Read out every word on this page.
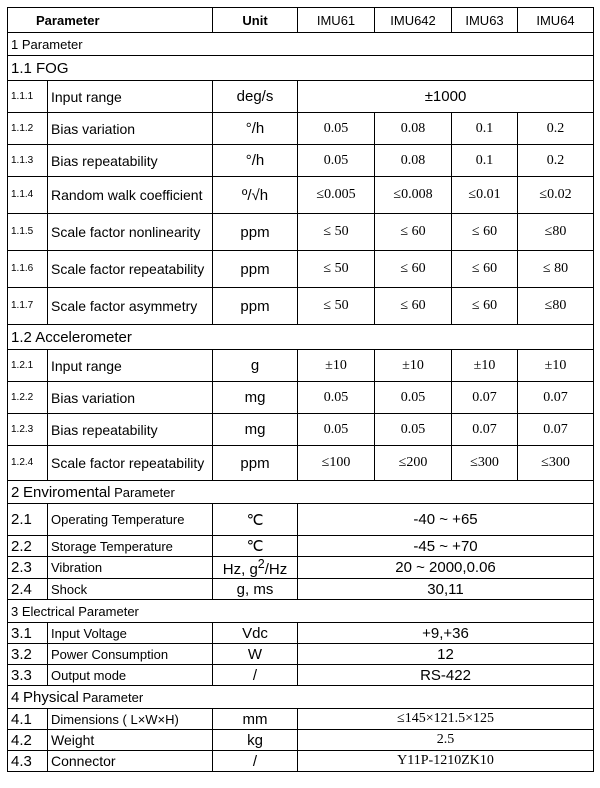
Parameter		Unit	IMU61	IMU642	IMU63	IMU64
1 Parameter						
1.1 FOG						
1.1.1	Input range	deg/s	±1000			
1.1.2	Bias variation	°/h	0.05	0.08	0.1	0.2
1.1.3	Bias repeatability	°/h	0.05	0.08	0.1	0.2
1.1.4	Random walk coefficient	º/√h	≤0.005	≤0.008	≤0.01	≤0.02
1.1.5	Scale factor nonlinearity	ppm	≤ 50	≤ 60	≤ 60	≤80
1.1.6	Scale factor repeatability	ppm	≤ 50	≤ 60	≤ 60	≤ 80
1.1.7	Scale factor asymmetry	ppm	≤ 50	≤ 60	≤ 60	≤80
1.2 Accelerometer						
1.2.1	Input range	g	±10	±10	±10	±10
1.2.2	Bias variation	mg	0.05	0.05	0.07	0.07
1.2.3	Bias repeatability	mg	0.05	0.05	0.07	0.07
1.2.4	Scale factor repeatability	ppm	≤100	≤200	≤300	≤300
2 Enviromental Parameter						
2.1	Operating Temperature	℃	-40 ~ +65			
2.2	Storage Temperature	℃	-45 ~ +70			
2.3	Vibration	Hz, $g^2/Hz$	20 ~ 2000,0.06			
2.4	Shock	g, ms	30,11			
3 Electrical Parameter						
3.1	Input Voltage	Vdc	+9,+36			
3.2	Power Consumption	W	12			
3.3	Output mode	/	RS-422			
4 Physical Parameter						
4.1	Dimensions ( L×W×H)	mm	≤145×121.5×125			
4.2	Weight	kg	2.5			
4.3	Connector	/	Y11P-1210ZK10			
